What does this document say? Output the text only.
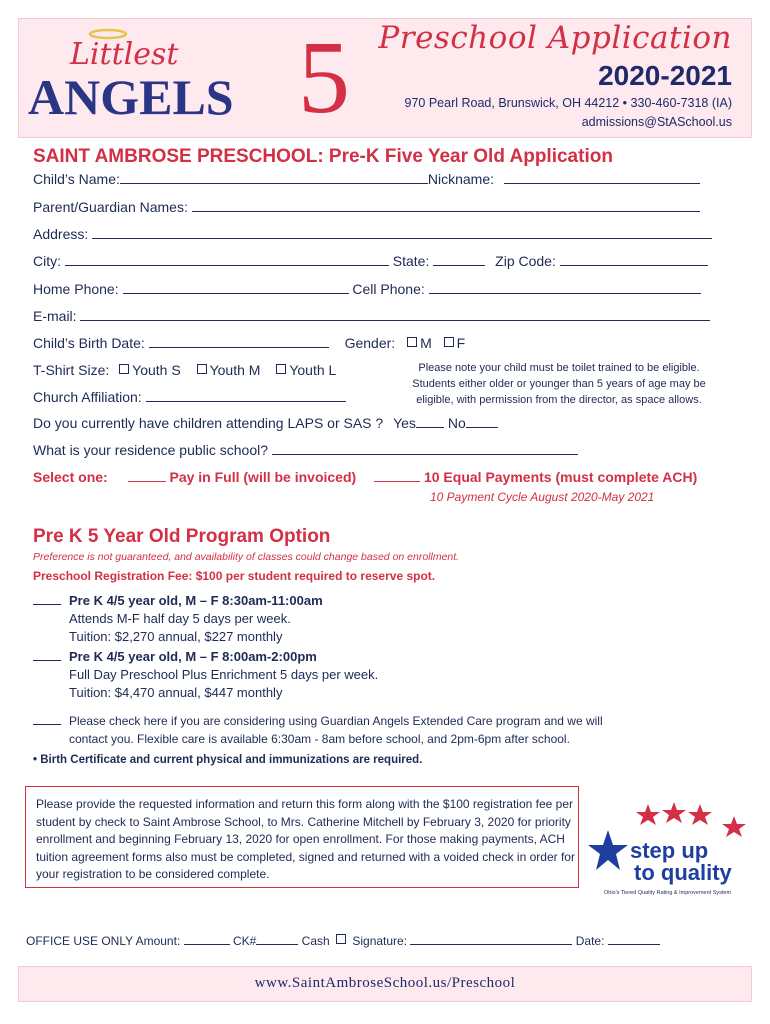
Littlest
ANGELS 5 Preschool Application
2020-2021
970 Pearl Road, Brunswick, OH 44212 • 330-460-7318 (IA)
admissions@StASchool.us
SAINT AMBROSE PRESCHOOL: Pre-K Five Year Old Application
Child’s Name:	Nickname:
Parent/Guardian Names:
Address:
City:	State:	Zip Code:
Home Phone:	Cell Phone:
E-mail:
Child’s Birth Date:	Gender: M F
T-Shirt Size: Youth S Youth M Youth L
Church Affiliation:
Please note your child must be toilet trained to be eligible. Students either older or younger than 5 years of age may be eligible, with permission from the director, as space allows.
Do you currently have children attending LAPS or SAS ? Yes No
What is your residence public school?
Select one:	Pay in Full (will be invoiced)	10 Equal Payments (must complete ACH)
10 Payment Cycle August 2020-May 2021
Pre K 5 Year Old Program Option
Preference is not guaranteed, and availability of classes could change based on enrollment.
Preschool Registration Fee: $100 per student required to reserve spot.
Pre K 4/5 year old, M – F 8:30am-11:00am
Attends M-F half day 5 days per week.
Tuition: $2,270 annual, $227 monthly
Pre K 4/5 year old, M – F 8:00am-2:00pm
Full Day Preschool Plus Enrichment 5 days per week.
Tuition: $4,470 annual, $447 monthly
Please check here if you are considering using Guardian Angels Extended Care program and we will
contact you. Flexible care is available 6:30am - 8am before school, and 2pm-6pm after school.
• Birth Certificate and current physical and immunizations are required.
Please provide the requested information and return this form along with the $100 registration fee per student by check to Saint Ambrose School, to Mrs. Catherine Mitchell by February 3, 2020 for priority enrollment and beginning February 13, 2020 for open enrollment. For those making payments, ACH tuition agreement forms also must be completed, signed and returned with a voided check in order for your registration to be considered complete.
step up
to quality
Ohio’s Tiered Quality Rating & Improvement System
OFFICE USE ONLY Amount:	CK#	Cash Signature:	Date:
www.SaintAmbroseSchool.us/Preschool
